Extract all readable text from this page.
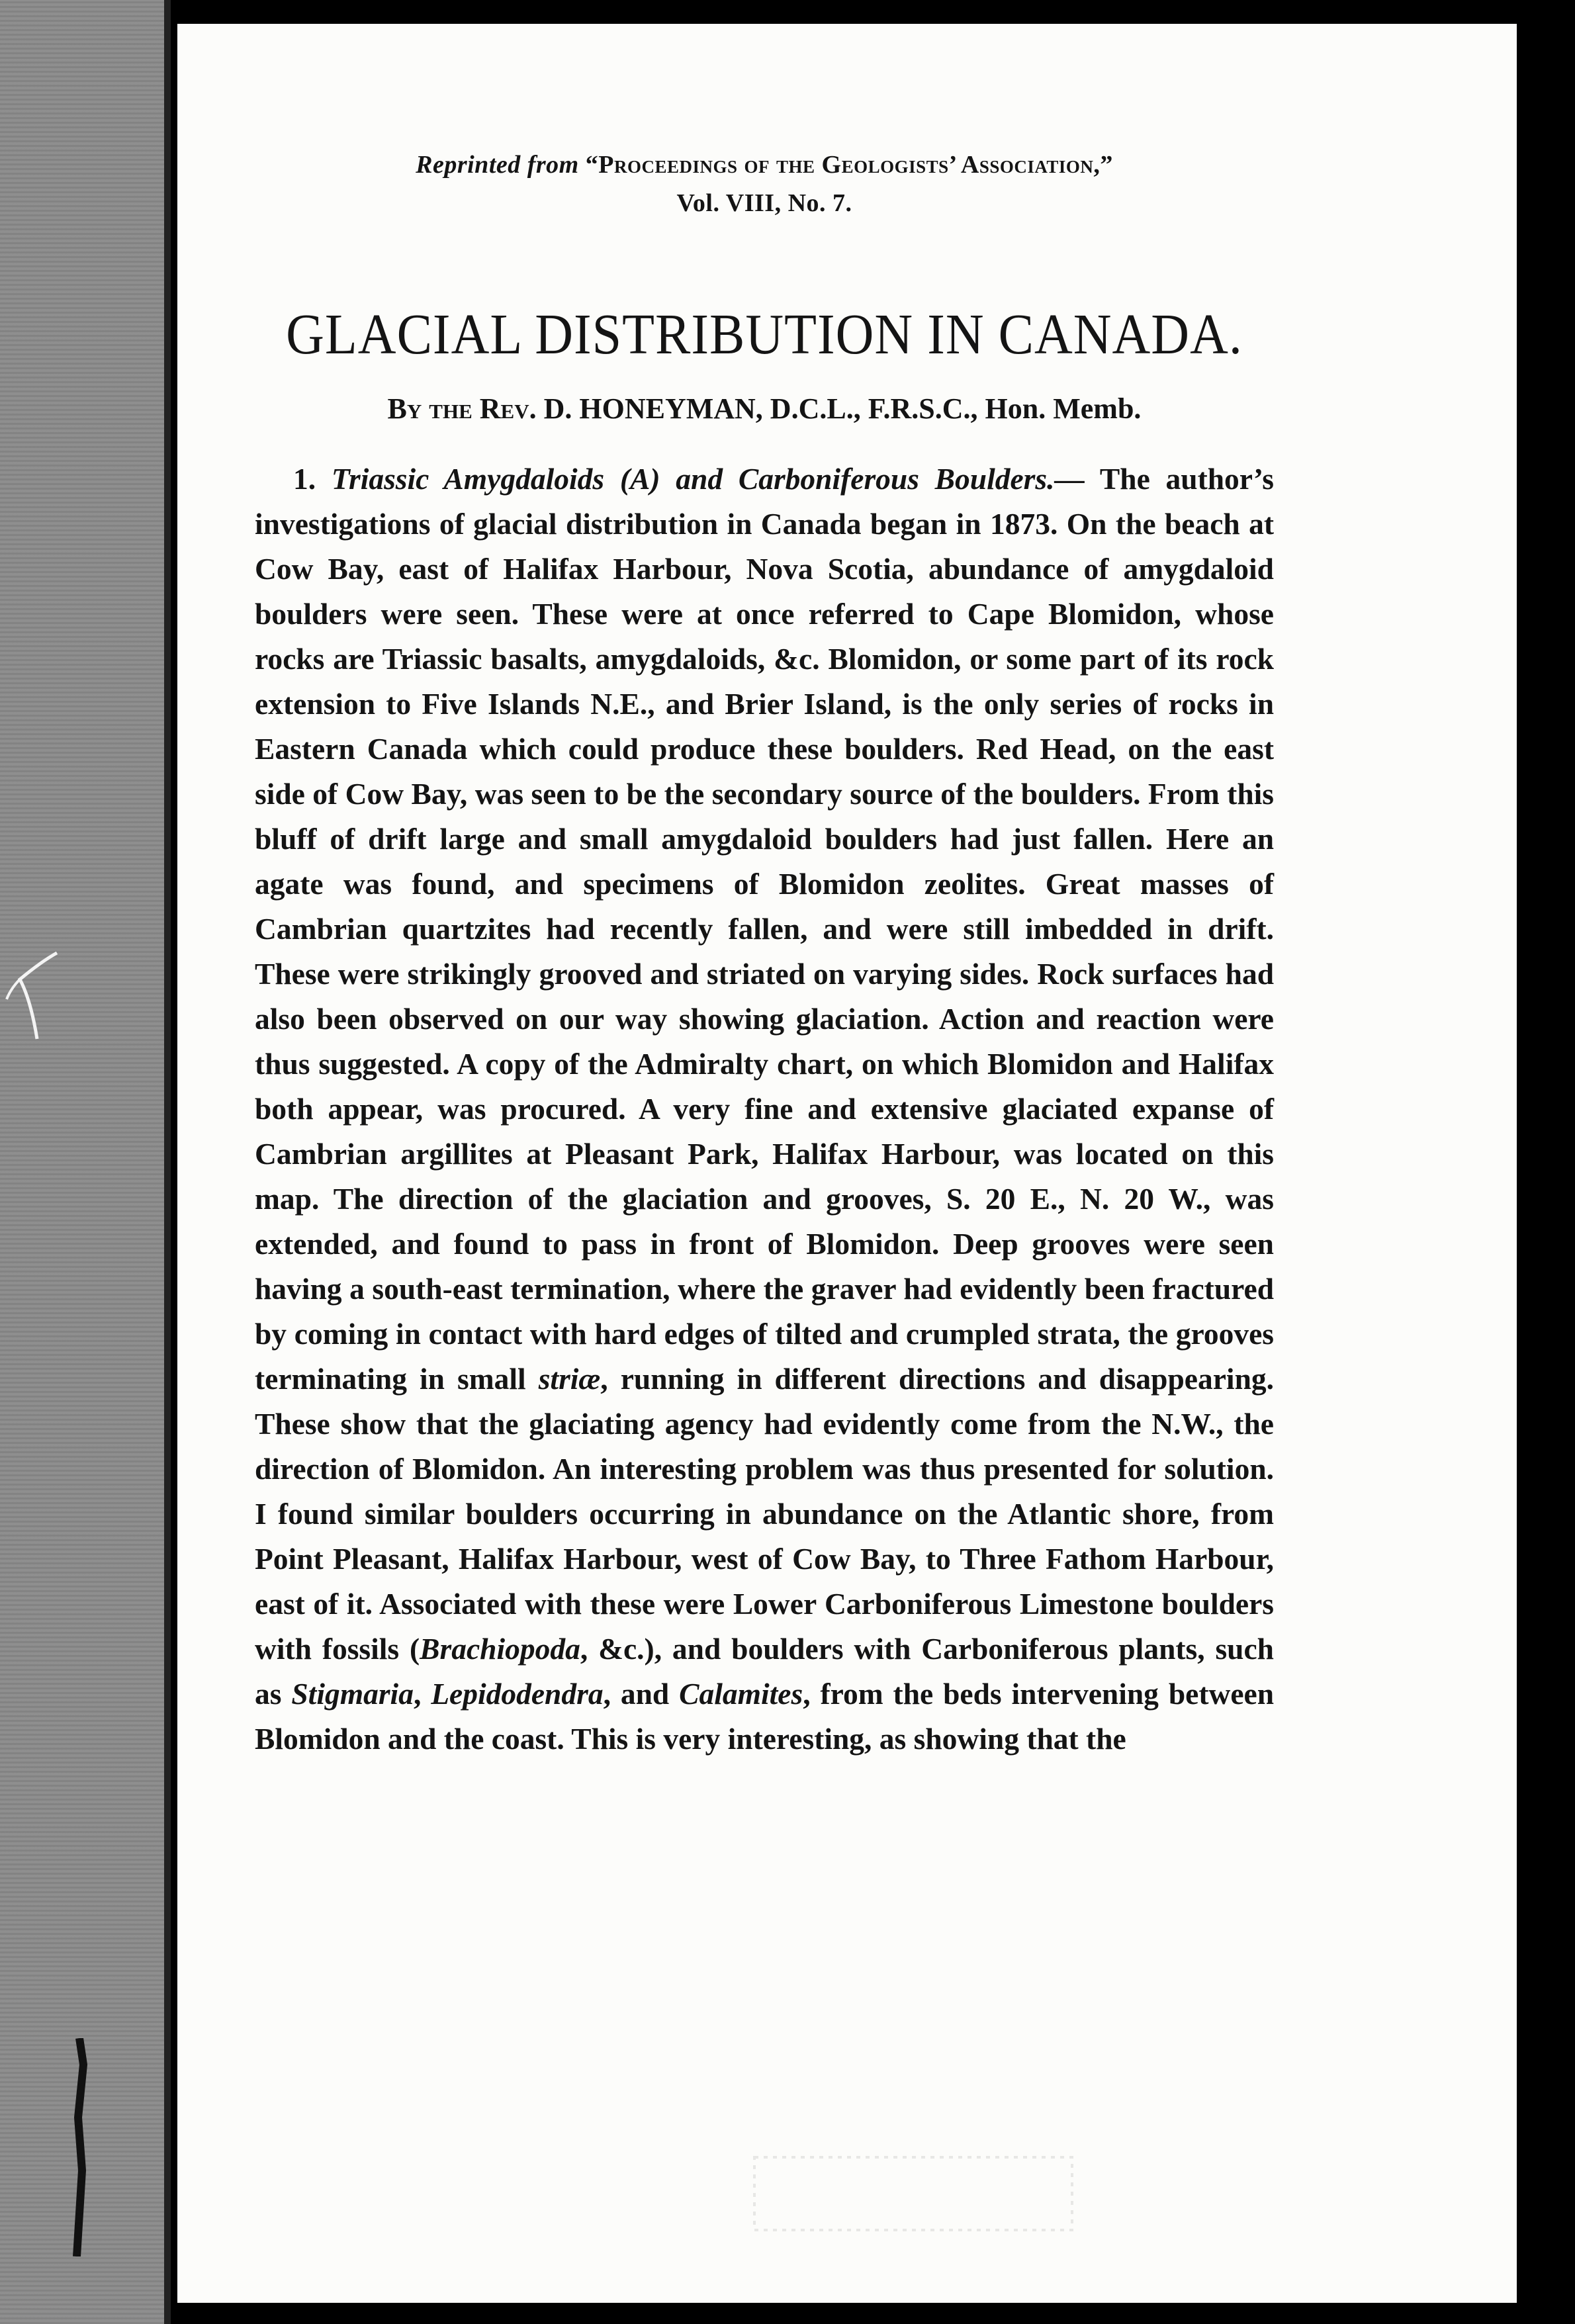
Reprinted from “Proceedings of the Geologists’ Association,”
Vol. VIII, No. 7.

GLACIAL DISTRIBUTION IN CANADA.

By the Rev. D. HONEYMAN, D.C.L., F.R.S.C., Hon. Memb.

1. Triassic Amygdaloids (A) and Carboniferous Boulders.— The author’s investigations of glacial distribution in Canada began in 1873. On the beach at Cow Bay, east of Halifax Harbour, Nova Scotia, abundance of amygdaloid boulders were seen. These were at once referred to Cape Blomidon, whose rocks are Triassic basalts, amygdaloids, &c. Blomidon, or some part of its rock extension to Five Islands N.E., and Brier Island, is the only series of rocks in Eastern Canada which could produce these boulders. Red Head, on the east side of Cow Bay, was seen to be the secondary source of the boulders. From this bluff of drift large and small amygdaloid boulders had just fallen. Here an agate was found, and specimens of Blomidon zeolites. Great masses of Cambrian quartzites had recently fallen, and were still imbedded in drift. These were strikingly grooved and striated on varying sides. Rock surfaces had also been observed on our way showing glaciation. Action and reaction were thus suggested. A copy of the Admiralty chart, on which Blomidon and Halifax both appear, was procured. A very fine and extensive glaciated expanse of Cambrian argillites at Pleasant Park, Halifax Harbour, was located on this map. The direction of the glaciation and grooves, S. 20 E., N. 20 W., was extended, and found to pass in front of Blomidon. Deep grooves were seen having a south-east termination, where the graver had evidently been fractured by coming in contact with hard edges of tilted and crumpled strata, the grooves terminating in small striæ, running in different directions and disappearing. These show that the glaciating agency had evidently come from the N.W., the direction of Blomidon. An interesting problem was thus presented for solution. I found similar boulders occurring in abundance on the Atlantic shore, from Point Pleasant, Halifax Harbour, west of Cow Bay, to Three Fathom Harbour, east of it. Associated with these were Lower Carboniferous Limestone boulders with fossils (Brachiopoda, &c.), and boulders with Carboniferous plants, such as Stigmaria, Lepidodendra, and Calamites, from the beds intervening between Blomidon and the coast. This is very interesting, as showing that the
